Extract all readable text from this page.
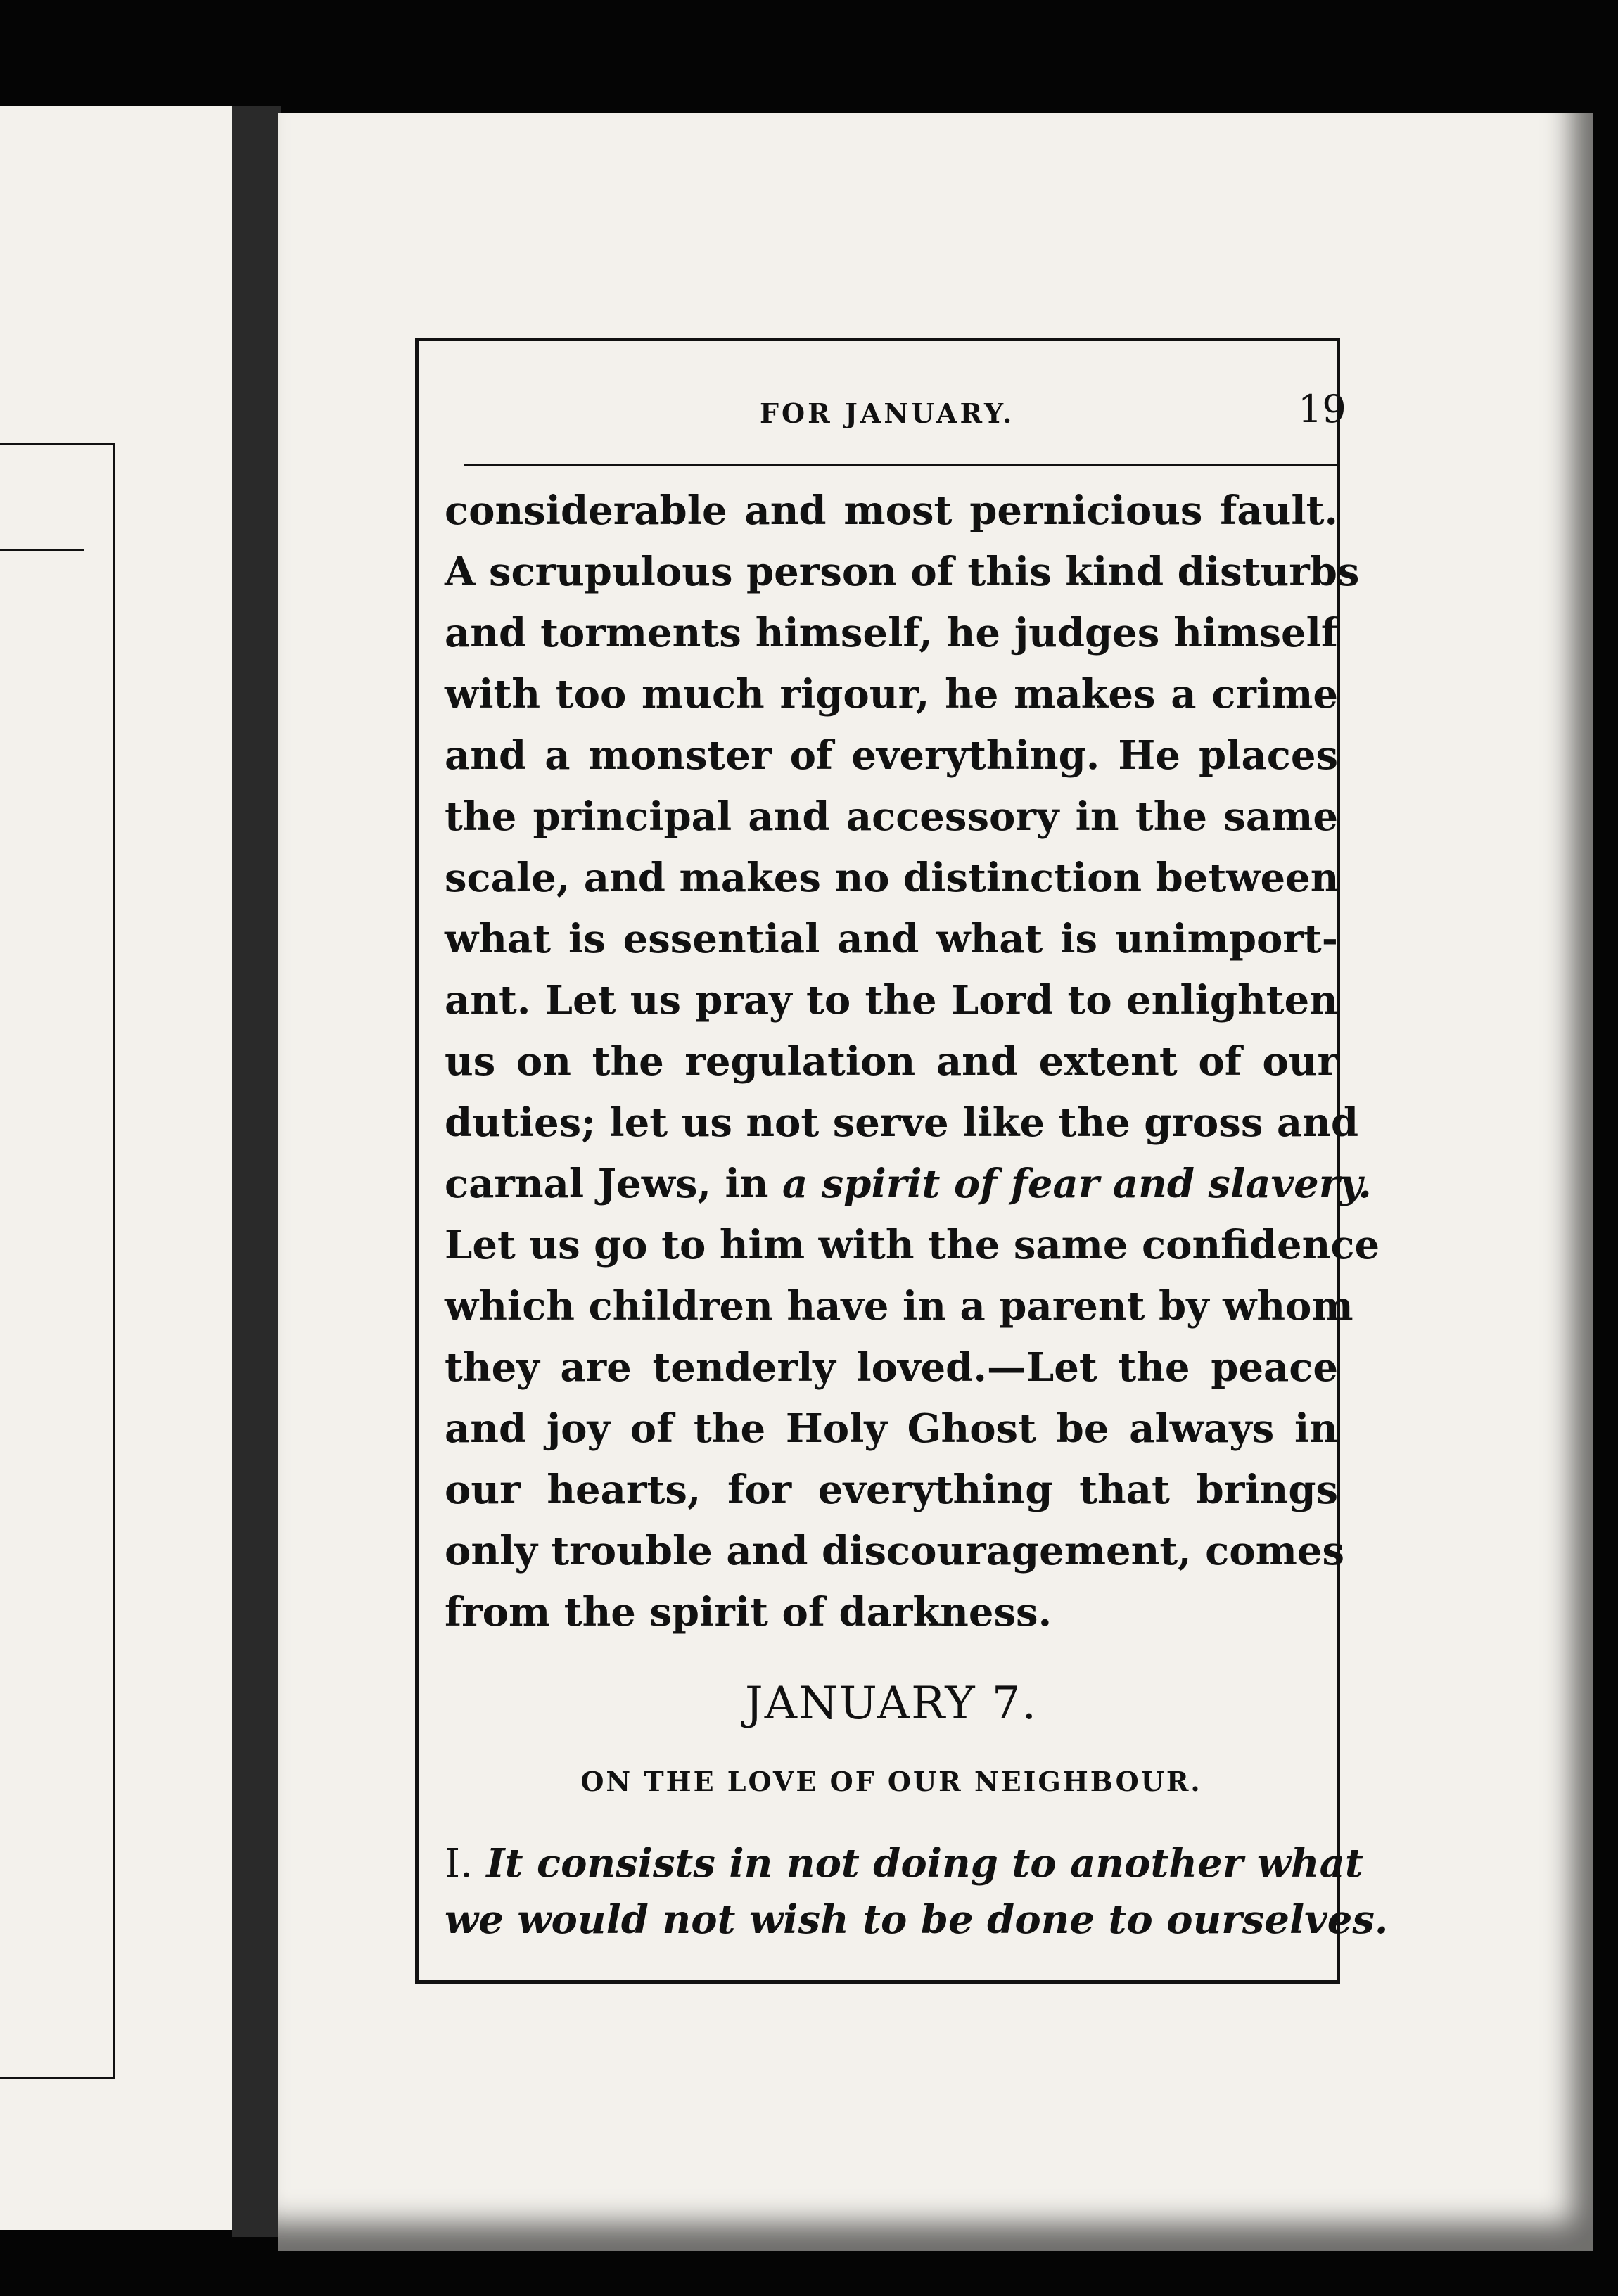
FOR JANUARY.	19
considerable and most pernicious fault.
A scrupulous person of this kind disturbs
and torments himself, he judges himself
with too much rigour, he makes a crime
and a monster of everything. He places
the principal and accessory in the same
scale, and makes no distinction between
what is essential and what is unimport-
ant. Let us pray to the Lord to enlighten
us on the regulation and extent of our
duties; let us not serve like the gross and
carnal Jews, in a spirit of fear and slavery.
Let us go to him with the same confidence
which children have in a parent by whom
they are tenderly loved.—Let the peace
and joy of the Holy Ghost be always in
our hearts, for everything that brings
only trouble and discouragement, comes
from the spirit of darkness.
JANUARY 7.
ON THE LOVE OF OUR NEIGHBOUR.
I. It consists in not doing to another what
we would not wish to be done to ourselves.
